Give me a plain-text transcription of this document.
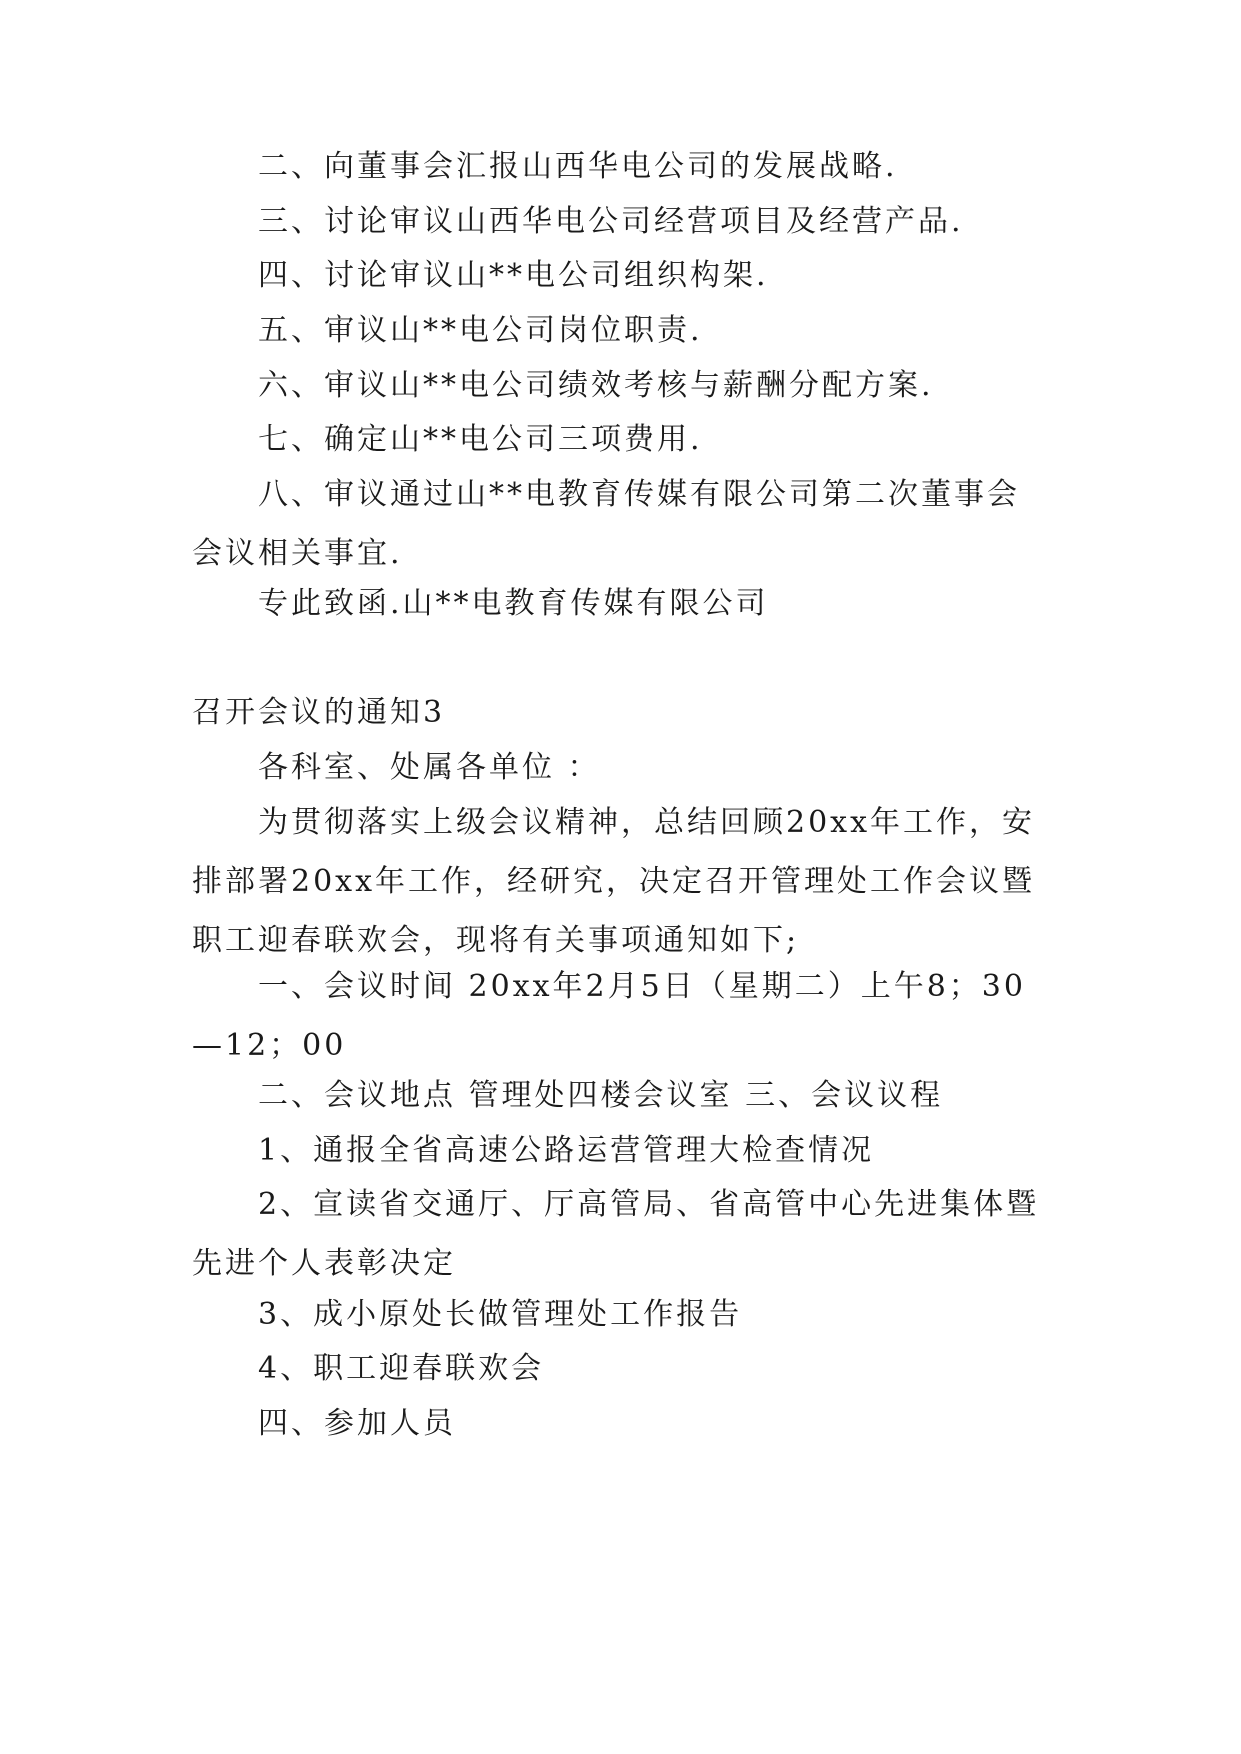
二、向董事会汇报山西华电公司的发展战略.

三、讨论审议山西华电公司经营项目及经营产品.

四、讨论审议山**电公司组织构架.

五、审议山**电公司岗位职责.

六、审议山**电公司绩效考核与薪酬分配方案.

七、确定山**电公司三项费用.

八、审议通过山**电教育传媒有限公司第二次董事会会议相关事宜.

专此致函.山**电教育传媒有限公司

召开会议的通知3

各科室、处属各单位 ：

为贯彻落实上级会议精神，总结回顾20xx年工作，安排部署20xx年工作，经研究，决定召开管理处工作会议暨职工迎春联欢会，现将有关事项通知如下;

一、会议时间 20xx年2月5日（星期二）上午8；30—12；00

二、会议地点 管理处四楼会议室 三、会议议程

1、通报全省高速公路运营管理大检查情况

2、宣读省交通厅、厅高管局、省高管中心先进集体暨先进个人表彰决定

3、成小原处长做管理处工作报告

4、职工迎春联欢会

四、参加人员
